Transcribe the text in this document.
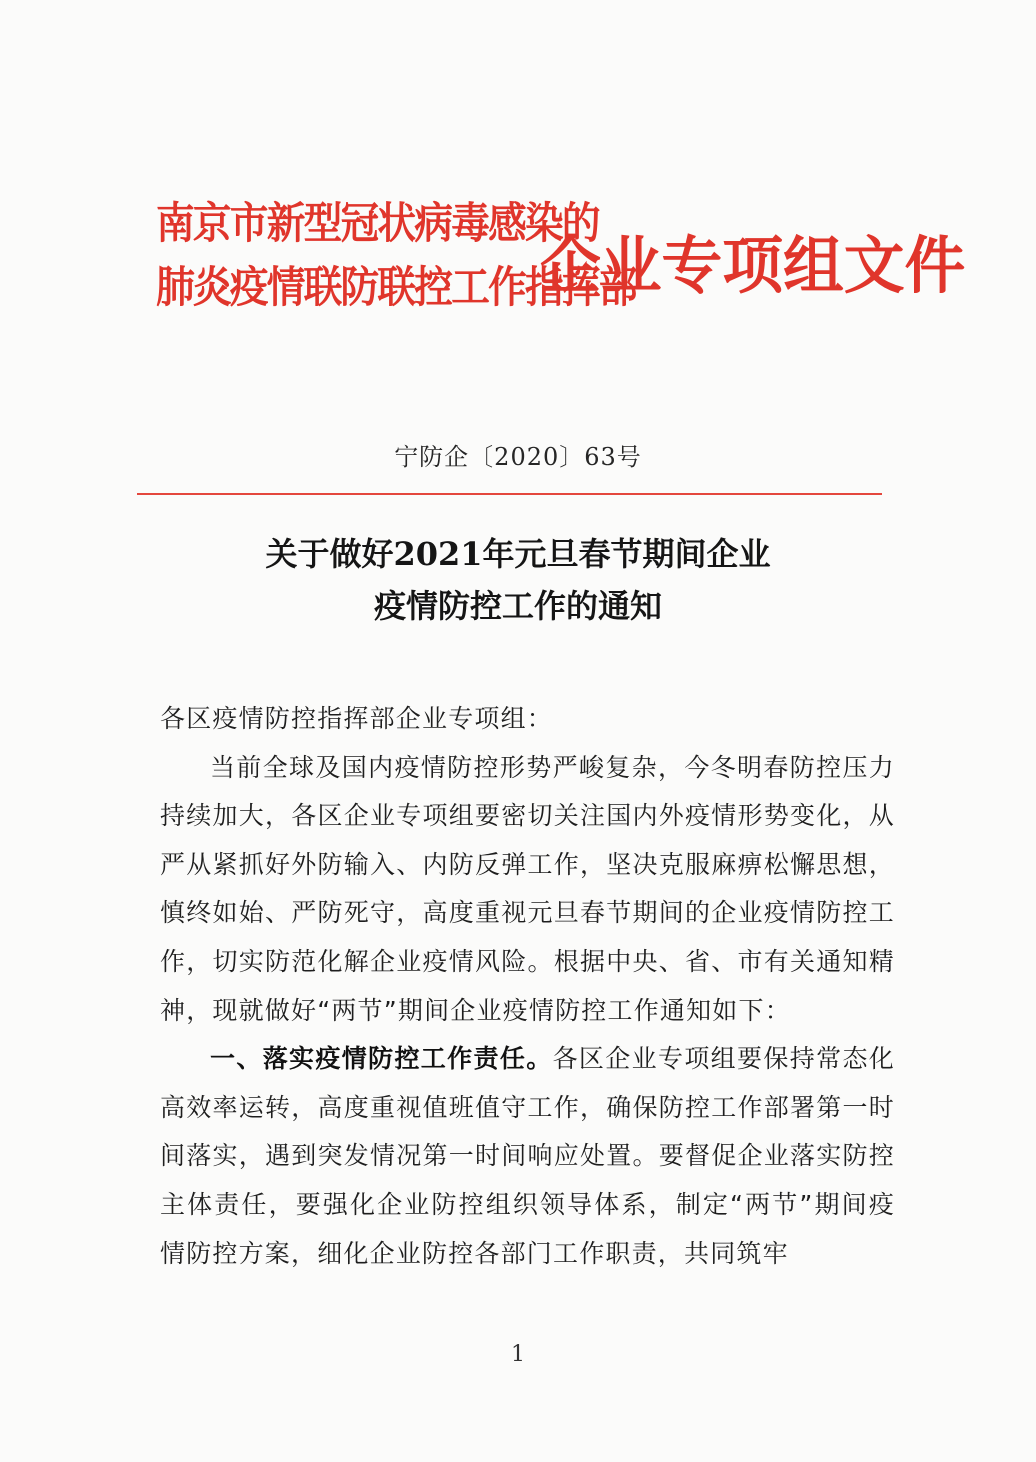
南京市新型冠状病毒感染的
肺炎疫情联防联控工作指挥部
企业专项组文件
宁防企〔2020〕63号
关于做好2021年元旦春节期间企业
疫情防控工作的通知

各区疫情防控指挥部企业专项组：

当前全球及国内疫情防控形势严峻复杂，今冬明春防控压力持续加大，各区企业专项组要密切关注国内外疫情形势变化，从严从紧抓好外防输入、内防反弹工作，坚决克服麻痹松懈思想，慎终如始、严防死守，高度重视元旦春节期间的企业疫情防控工作，切实防范化解企业疫情风险。根据中央、省、市有关通知精神，现就做好“两节”期间企业疫情防控工作通知如下：

一、落实疫情防控工作责任。各区企业专项组要保持常态化高效率运转，高度重视值班值守工作，确保防控工作部署第一时间落实，遇到突发情况第一时间响应处置。要督促企业落实防控主体责任，要强化企业防控组织领导体系，制定“两节”期间疫情防控方案，细化企业防控各部门工作职责，共同筑牢

1
